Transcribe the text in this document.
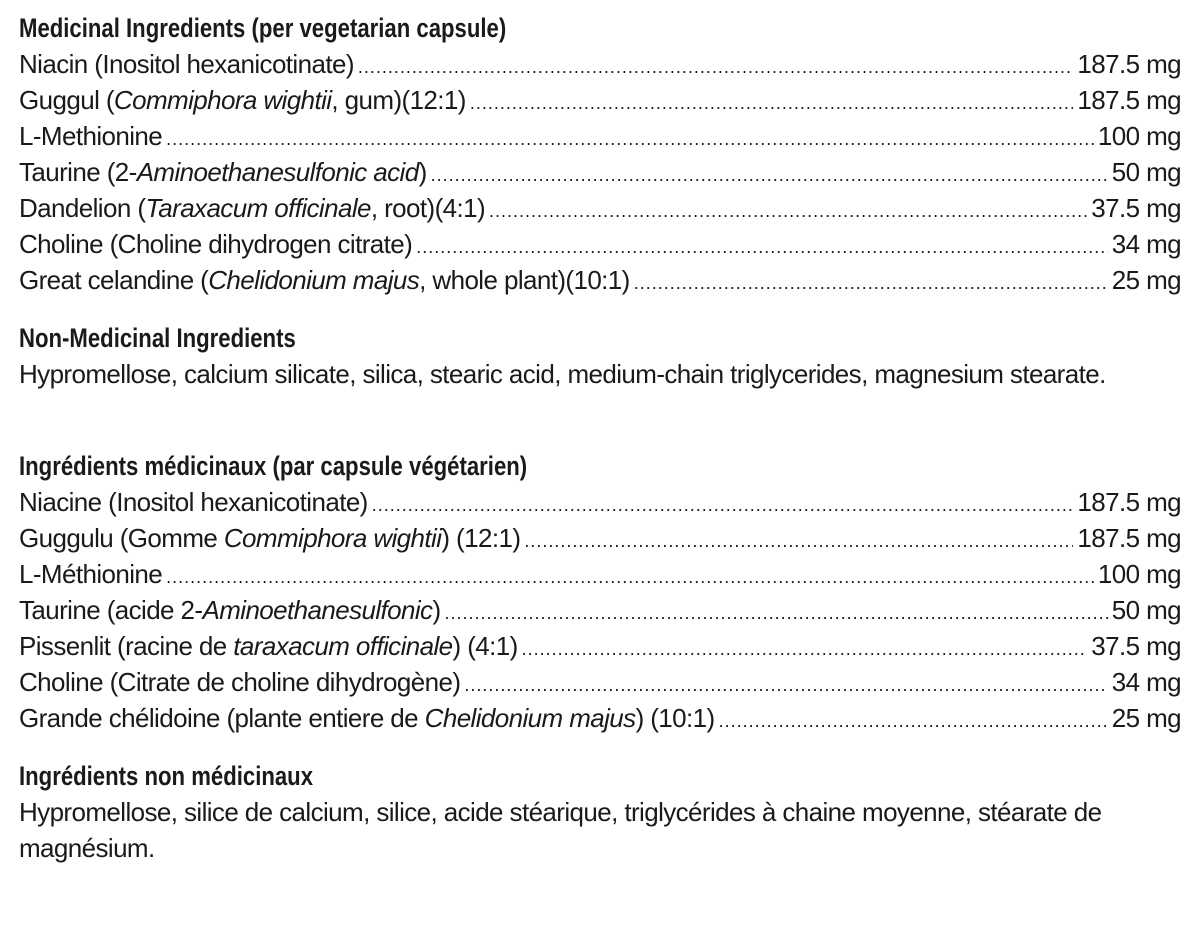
Medicinal Ingredients (per vegetarian capsule)
Niacin (Inositol hexanicotinate) .....	187.5 mg
Guggul (Commiphora wightii, gum)(12:1) .....	187.5 mg
L-Methionine .....	100 mg
Taurine (2-Aminoethanesulfonic acid) .....	50 mg
Dandelion (Taraxacum officinale, root)(4:1) .....	37.5 mg
Choline (Choline dihydrogen citrate) .....	34 mg
Great celandine (Chelidonium majus, whole plant)(10:1) .....	25 mg
Non-Medicinal Ingredients
Hypromellose, calcium silicate, silica, stearic acid, medium-chain triglycerides, magnesium stearate.
Ingrédients médicinaux (par capsule végétarien)
Niacine (Inositol hexanicotinate) .....	187.5 mg
Guggulu (Gomme Commiphora wightii) (12:1) .....	187.5 mg
L-Méthionine .....	100 mg
Taurine (acide 2-Aminoethanesulfonic) .....	50 mg
Pissenlit (racine de taraxacum officinale) (4:1) .....	37.5 mg
Choline (Citrate de choline dihydrogène) .....	34 mg
Grande chélidoine (plante entiere de Chelidonium majus) (10:1) .....	25 mg
Ingrédients non médicinaux
Hypromellose, silice de calcium, silice, acide stéarique, triglycérides à chaine moyenne, stéarate de magnésium.
